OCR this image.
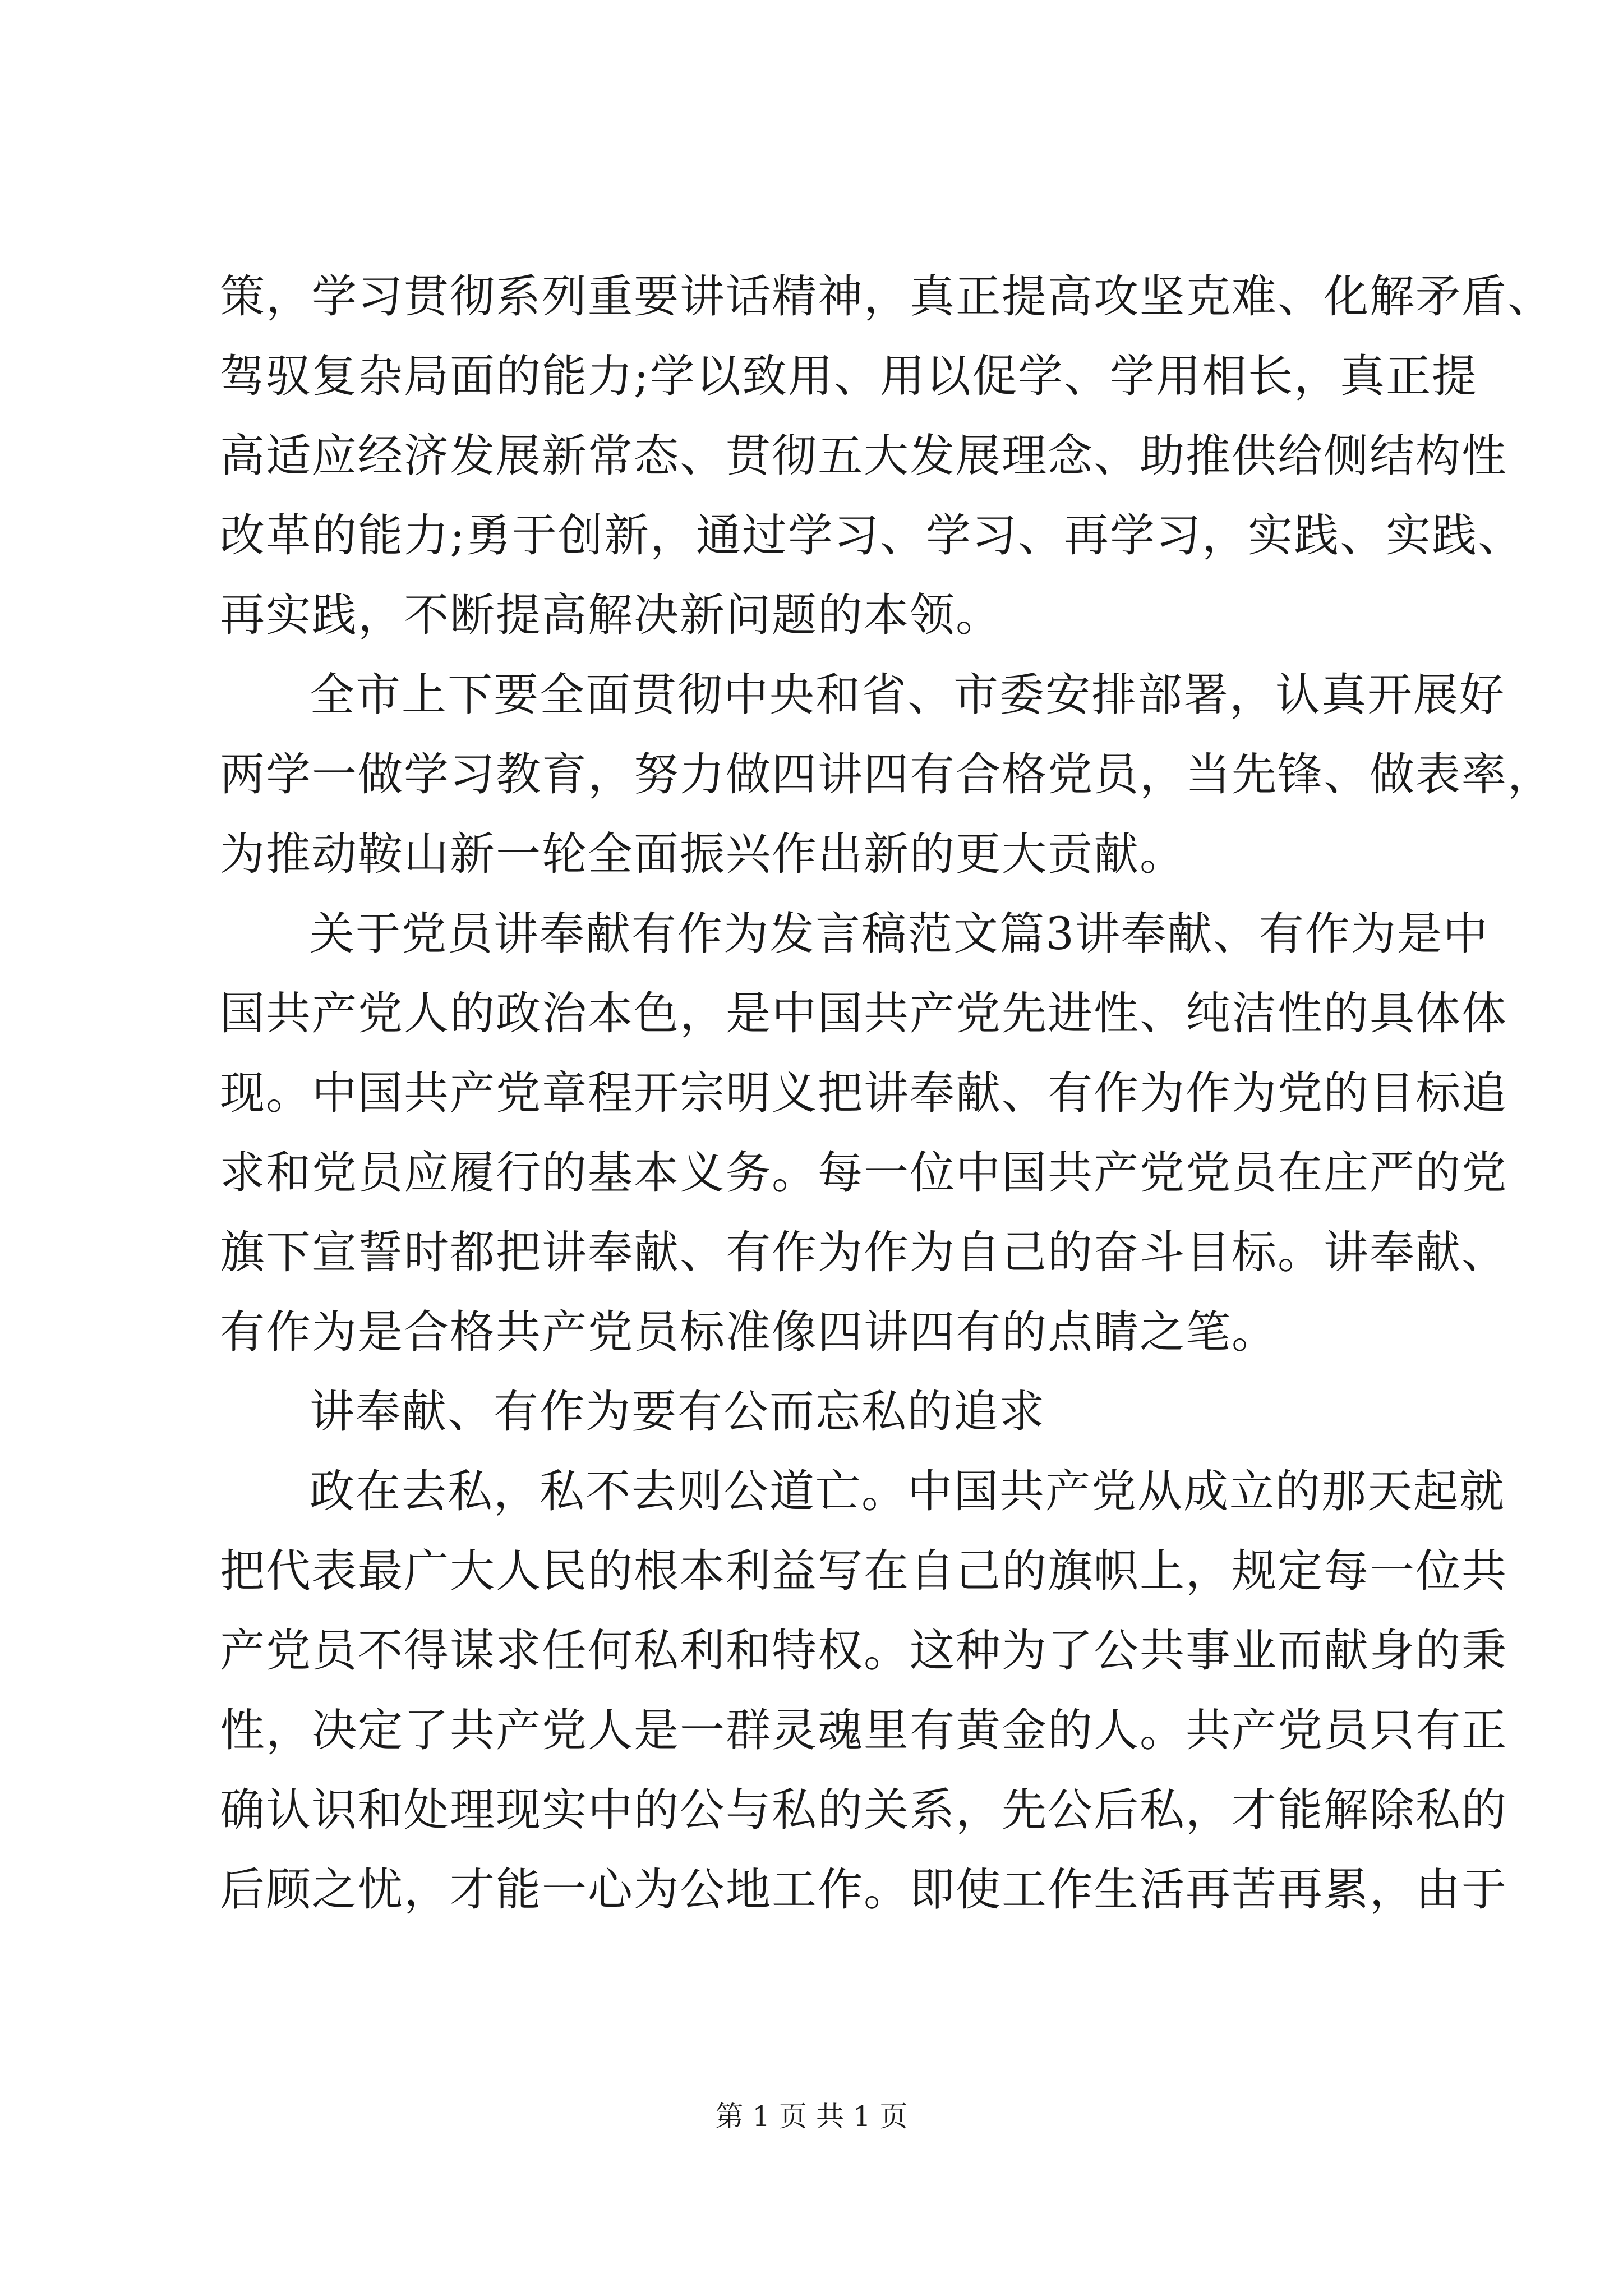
策，学习贯彻系列重要讲话精神，真正提高攻坚克难、化解矛盾、
驾驭复杂局面的能力;学以致用、用以促学、学用相长，真正提
高适应经济发展新常态、贯彻五大发展理念、助推供给侧结构性
改革的能力;勇于创新，通过学习、学习、再学习，实践、实践、
再实践，不断提高解决新问题的本领。
全市上下要全面贯彻中央和省、市委安排部署，认真开展好
两学一做学习教育，努力做四讲四有合格党员，当先锋、做表率，
为推动鞍山新一轮全面振兴作出新的更大贡献。
关于党员讲奉献有作为发言稿范文篇3讲奉献、有作为是中
国共产党人的政治本色，是中国共产党先进性、纯洁性的具体体
现。中国共产党章程开宗明义把讲奉献、有作为作为党的目标追
求和党员应履行的基本义务。每一位中国共产党党员在庄严的党
旗下宣誓时都把讲奉献、有作为作为自己的奋斗目标。讲奉献、
有作为是合格共产党员标准像四讲四有的点睛之笔。
讲奉献、有作为要有公而忘私的追求
政在去私，私不去则公道亡。中国共产党从成立的那天起就
把代表最广大人民的根本利益写在自己的旗帜上，规定每一位共
产党员不得谋求任何私利和特权。这种为了公共事业而献身的秉
性，决定了共产党人是一群灵魂里有黄金的人。共产党员只有正
确认识和处理现实中的公与私的关系，先公后私，才能解除私的
后顾之忧，才能一心为公地工作。即使工作生活再苦再累，由于
第 1 页 共 1 页
